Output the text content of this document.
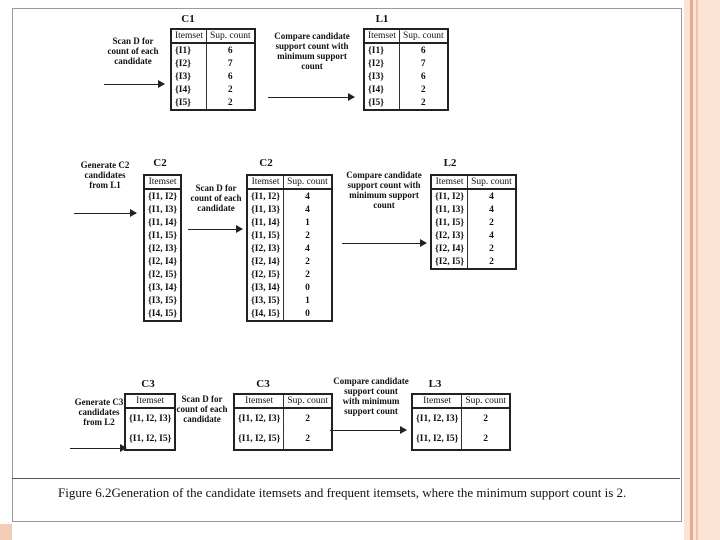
Scan D for
count of each
candidate
C1
Itemset	Sup. count
{I1}	6
{I2}	7
{I3}	6
{I4}	2
{I5}	2
Compare candidate
support count with
minimum support
count
L1
Itemset	Sup. count
{I1}	6
{I2}	7
{I3}	6
{I4}	2
{I5}	2
Generate C2
candidates
from L1
C2
Itemset
{I1, I2}
{I1, I3}
{I1, I4}
{I1, I5}
{I2, I3}
{I2, I4}
{I2, I5}
{I3, I4}
{I3, I5}
{I4, I5}
Scan D for
count of each
candidate
C2
Itemset	Sup. count
{I1, I2}	4
{I1, I3}	4
{I1, I4}	1
{I1, I5}	2
{I2, I3}	4
{I2, I4}	2
{I2, I5}	2
{I3, I4}	0
{I3, I5}	1
{I4, I5}	0
Compare candidate
support count with
minimum support
count
L2
Itemset	Sup. count
{I1, I2}	4
{I1, I3}	4
{I1, I5}	2
{I2, I3}	4
{I2, I4}	2
{I2, I5}	2
Generate C3
candidates
from L2
C3
Itemset
{I1, I2, I3}
{I1, I2, I5}
Scan D for
count of each
candidate
C3
Itemset	Sup. count
{I1, I2, I3}	2
{I1, I2, I5}	2
Compare candidate
support count
with minimum
support count
L3
Itemset	Sup. count
{I1, I2, I3}	2
{I1, I2, I5}	2
Figure 6.2Generation of the candidate itemsets and frequent itemsets, where the minimum support count is 2.
